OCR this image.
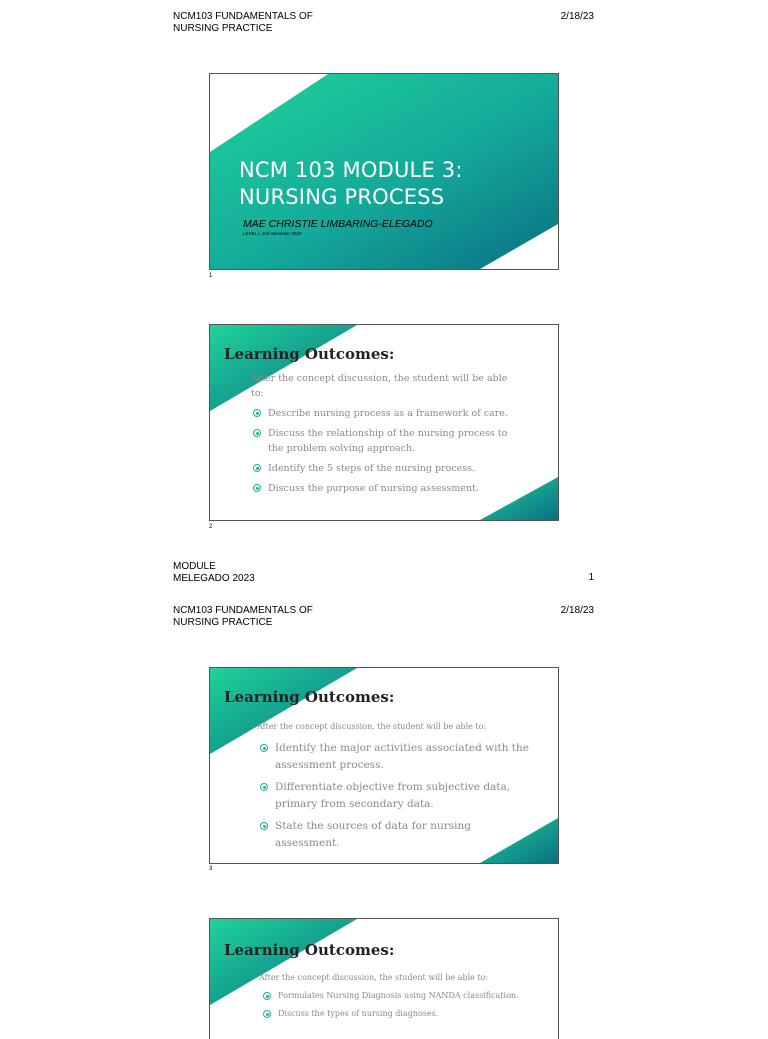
NCM103 FUNDAMENTALS OF
NURSING PRACTICE
2/18/23
NCM 103 MODULE 3:
NURSING PROCESS
MAE CHRISTIE LIMBARING-ELEGADO
LEVEL I, 2nd Semester 2023
1
Learning Outcomes:
After the concept discussion, the student will be able to:
Describe nursing process as a framework of care.
Discuss the relationship of the nursing process to the problem solving approach.
Identify the 5 steps of the nursing process.
Discuss the purpose of nursing assessment.
2
MODULE
MELEGADO 2023	1
NCM103 FUNDAMENTALS OF
NURSING PRACTICE
2/18/23
Learning Outcomes:
After the concept discussion, the student will be able to:
Identify the major activities associated with the assessment process.
Differentiate objective from subjective data, primary from secondary data.
State the sources of data for nursing assessment.
3
Learning Outcomes:
After the concept discussion, the student will be able to:
Formulates Nursing Diagnosis using NANDA classification.
Discuss the types of nursing diagnoses.
